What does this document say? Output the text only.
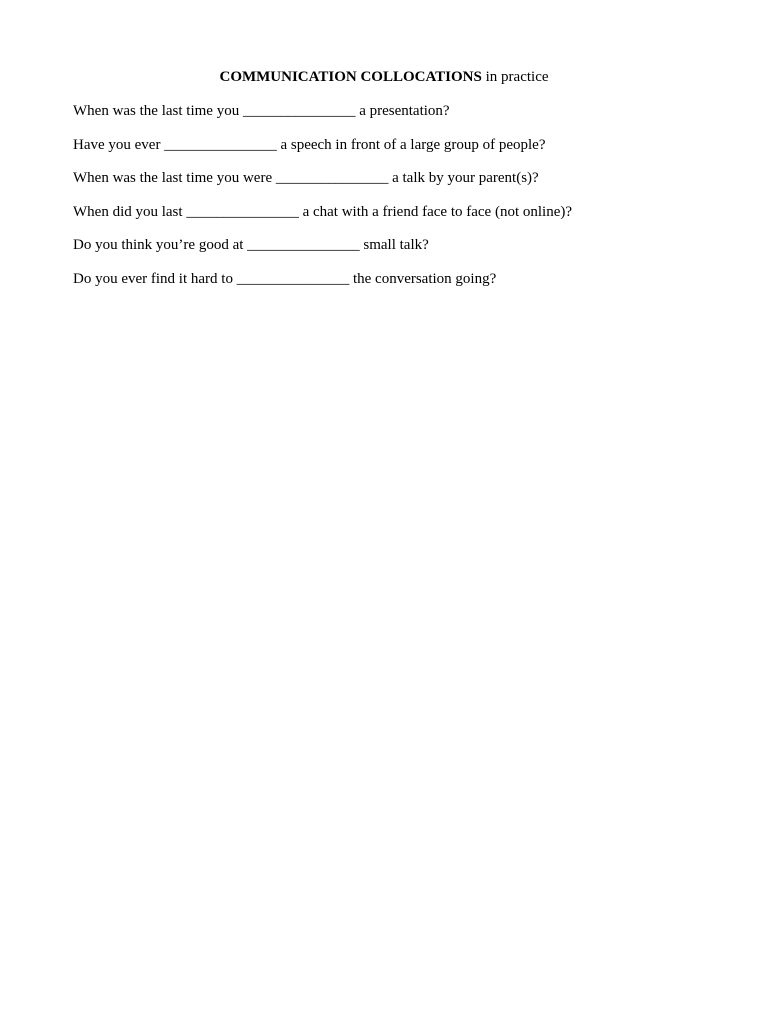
COMMUNICATION COLLOCATIONS in practice
When was the last time you _______________ a presentation?
Have you ever _______________ a speech in front of a large group of people?
When was the last time you were _______________ a talk by your parent(s)?
When did you last _______________ a chat with a friend face to face (not online)?
Do you think you’re good at _______________ small talk?
Do you ever find it hard to _______________ the conversation going?
